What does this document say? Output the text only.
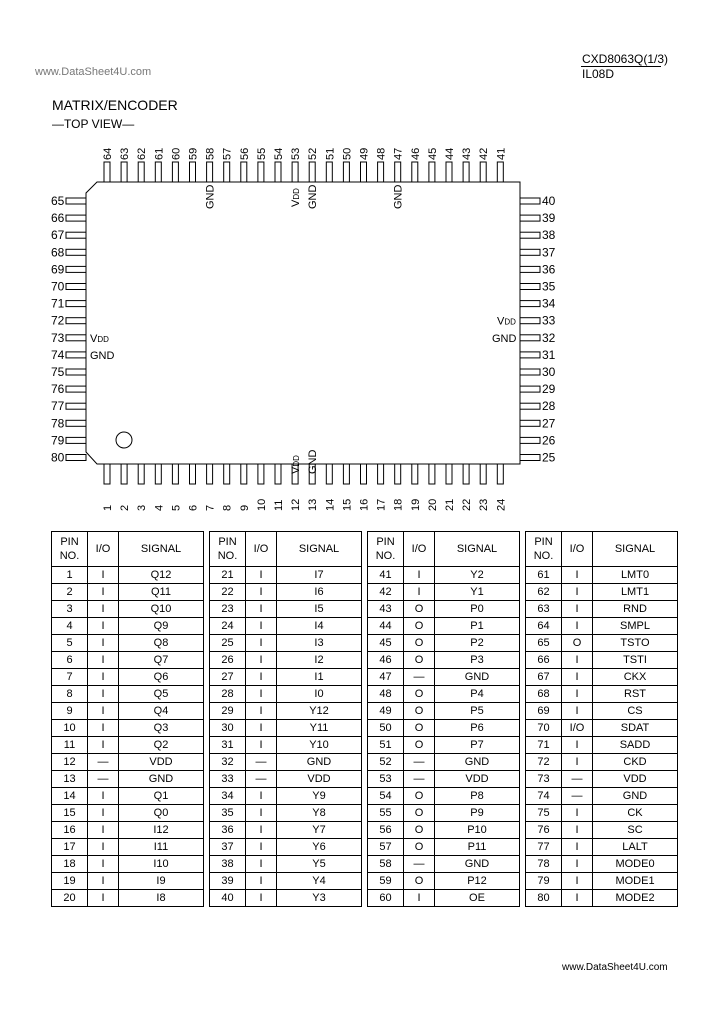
CXD8063Q(1/3)
IL08D
www.DataSheet4U.com
MATRIX/ENCODER
—TOP VIEW—
64 63 62 61 60 59 58 57 56 55 54 53 52 51 50 49 48 47 46 45 44 43 42 41
GND	VDD GND	GND
1 2 3 4 5 6 7 8 9 10 11 12 13 14 15 16 17 18 19 20 21 22 23 24
VDD GND
65
66
67
68
69
70
71
72
73
74
75
76
77
78
79
80
VDD
GND
40
39
38
37
36
35
34
33
32
31
30
29
28
27
26
25
VDD
GND
PIN NO.	I/O	SIGNAL		PIN NO.	I/O	SIGNAL		PIN NO.	I/O	SIGNAL		PIN NO.	I/O	SIGNAL
1	I	Q12		21	I	I7		41	I	Y2		61	I	LMT0
2	I	Q11		22	I	I6		42	I	Y1		62	I	LMT1
3	I	Q10		23	I	I5		43	O	P0		63	I	RND
4	I	Q9		24	I	I4		44	O	P1		64	I	SMPL
5	I	Q8		25	I	I3		45	O	P2		65	O	TSTO
6	I	Q7		26	I	I2		46	O	P3		66	I	TSTI
7	I	Q6		27	I	I1		47	—	GND		67	I	CKX
8	I	Q5		28	I	I0		48	O	P4		68	I	RST
9	I	Q4		29	I	Y12		49	O	P5		69	I	CS
10	I	Q3		30	I	Y11		50	O	P6		70	I/O	SDAT
11	I	Q2		31	I	Y10		51	O	P7		71	I	SADD
12	—	VDD		32	—	GND		52	—	GND		72	I	CKD
13	—	GND		33	—	VDD		53	—	VDD		73	—	VDD
14	I	Q1		34	I	Y9		54	O	P8		74	—	GND
15	I	Q0		35	I	Y8		55	O	P9		75	I	CK
16	I	I12		36	I	Y7		56	O	P10		76	I	SC
17	I	I11		37	I	Y6		57	O	P11		77	I	LALT
18	I	I10		38	I	Y5		58	—	GND		78	I	MODE0
19	I	I9		39	I	Y4		59	O	P12		79	I	MODE1
20	I	I8		40	I	Y3		60	I	OE		80	I	MODE2
www.DataSheet4U.com
